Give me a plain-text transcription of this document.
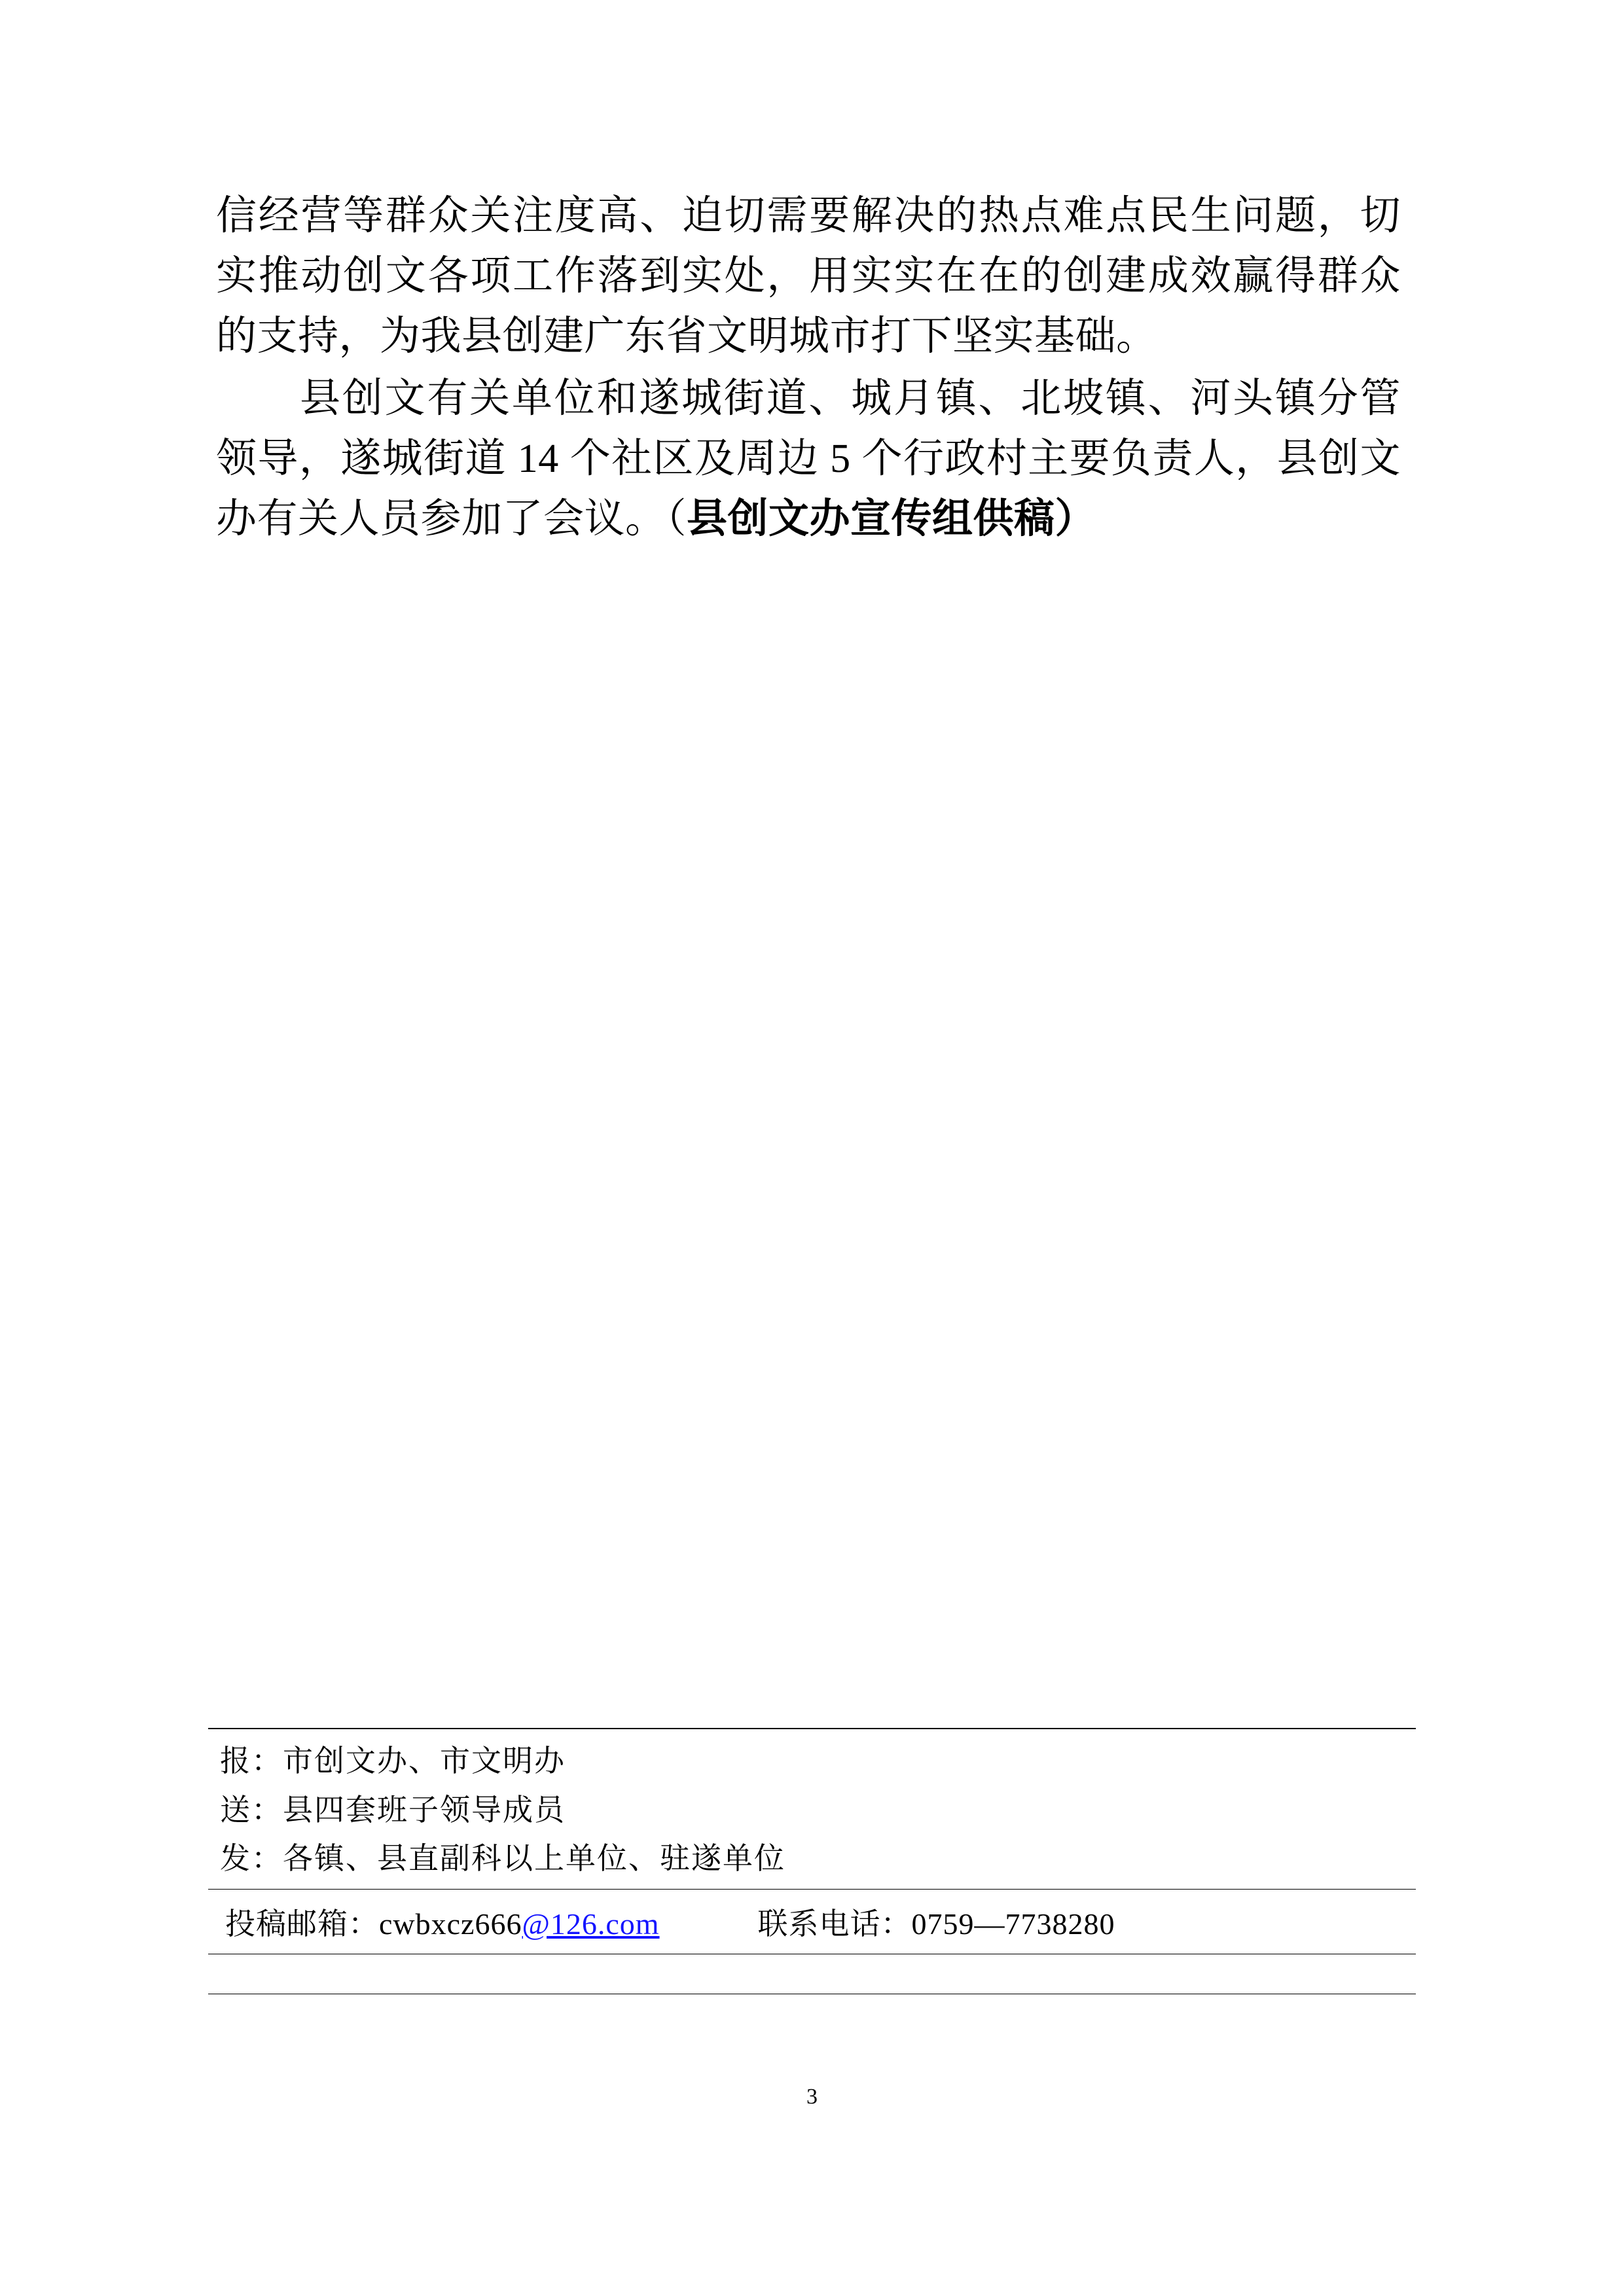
信经营等群众关注度高、迫切需要解决的热点难点民生问题，切实推动创文各项工作落到实处，用实实在在的创建成效赢得群众的支持，为我县创建广东省文明城市打下坚实基础。

县创文有关单位和遂城街道、城月镇、北坡镇、河头镇分管领导，遂城街道 14 个社区及周边 5 个行政村主要负责人，县创文办有关人员参加了会议。（县创文办宣传组供稿）

报：市创文办、市文明办
送：县四套班子领导成员
发：各镇、县直副科以上单位、驻遂单位
投稿邮箱：cwbxcz666@126.com	联系电话：0759—7738280
3
